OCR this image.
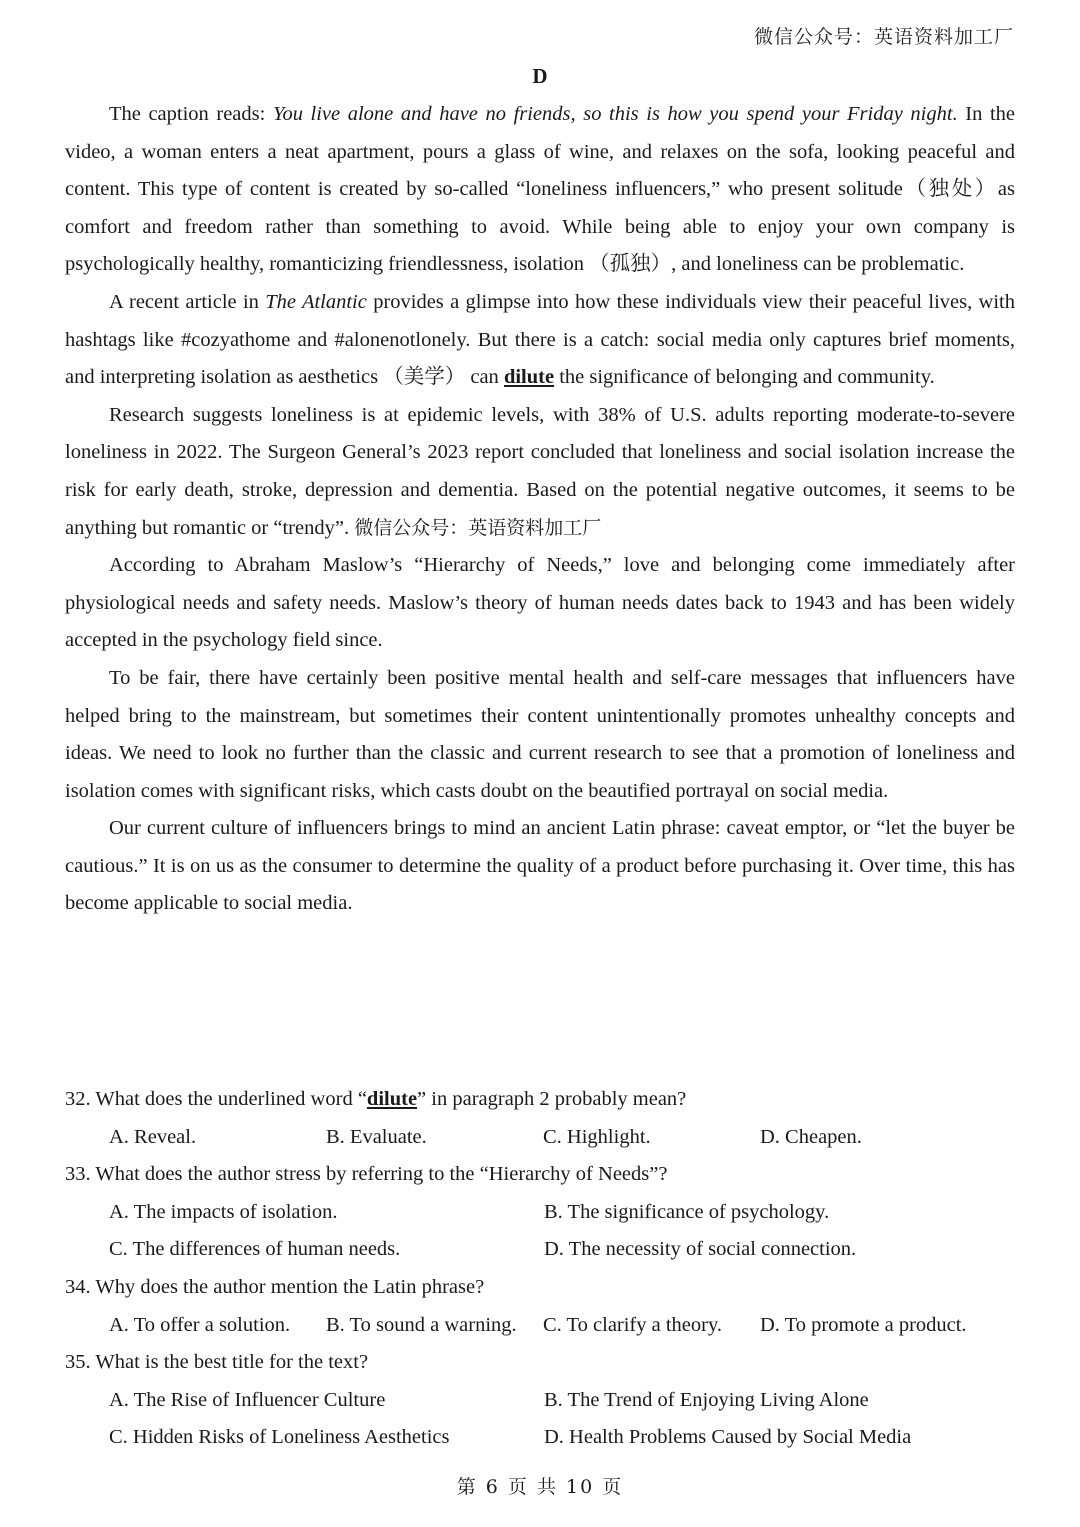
微信公众号：英语资料加工厂
D

The caption reads: You live alone and have no friends, so this is how you spend your Friday night. In the video, a woman enters a neat apartment, pours a glass of wine, and relaxes on the sofa, looking peaceful and content. This type of content is created by so-called “loneliness influencers,” who present solitude（独处）as comfort and freedom rather than something to avoid. While being able to enjoy your own company is psychologically healthy, romanticizing friendlessness, isolation （孤独）, and loneliness can be problematic.

A recent article in The Atlantic provides a glimpse into how these individuals view their peaceful lives, with hashtags like #cozyathome and #alonenotlonely. But there is a catch: social media only captures brief moments, and interpreting isolation as aesthetics （美学） can dilute the significance of belonging and community.

Research suggests loneliness is at epidemic levels, with 38% of U.S. adults reporting moderate-to-severe loneliness in 2022. The Surgeon General’s 2023 report concluded that loneliness and social isolation increase the risk for early death, stroke, depression and dementia. Based on the potential negative outcomes, it seems to be anything but romantic or “trendy”. 微信公众号：英语资料加工厂

According to Abraham Maslow’s “Hierarchy of Needs,” love and belonging come immediately after physiological needs and safety needs. Maslow’s theory of human needs dates back to 1943 and has been widely accepted in the psychology field since.

To be fair, there have certainly been positive mental health and self-care messages that influencers have helped bring to the mainstream, but sometimes their content unintentionally promotes unhealthy concepts and ideas. We need to look no further than the classic and current research to see that a promotion of loneliness and isolation comes with significant risks, which casts doubt on the beautified portrayal on social media.

Our current culture of influencers brings to mind an ancient Latin phrase: caveat emptor, or “let the buyer be cautious.” It is on us as the consumer to determine the quality of a product before purchasing it. Over time, this has become applicable to social media.

32. What does the underlined word “dilute” in paragraph 2 probably mean?

A. Reveal.	B. Evaluate.	C. Highlight.	D. Cheapen.

33. What does the author stress by referring to the “Hierarchy of Needs”?

A. The impacts of isolation.	B. The significance of psychology.
C. The differences of human needs.	D. The necessity of social connection.

34. Why does the author mention the Latin phrase?

A. To offer a solution.	B. To sound a warning.	C. To clarify a theory.	D. To promote a product.

35. What is the best title for the text?

A. The Rise of Influencer Culture	B. The Trend of Enjoying Living Alone
C. Hidden Risks of Loneliness Aesthetics	D. Health Problems Caused by Social Media
第 6 页 共 10 页
